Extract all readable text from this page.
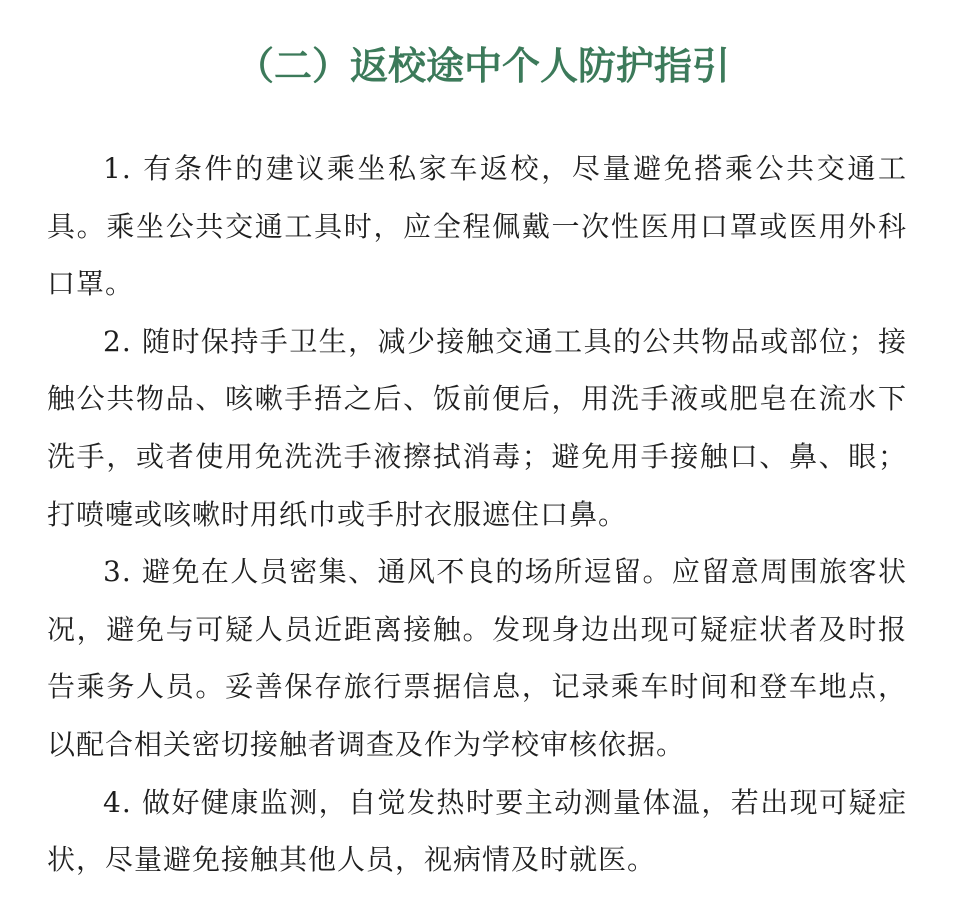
（二）返校途中个人防护指引

1. 有条件的建议乘坐私家车返校，尽量避免搭乘公共交通工具。乘坐公共交通工具时，应全程佩戴一次性医用口罩或医用外科口罩。

2. 随时保持手卫生，减少接触交通工具的公共物品或部位；接触公共物品、咳嗽手捂之后、饭前便后，用洗手液或肥皂在流水下洗手，或者使用免洗洗手液擦拭消毒；避免用手接触口、鼻、眼；打喷嚏或咳嗽时用纸巾或手肘衣服遮住口鼻。

3. 避免在人员密集、通风不良的场所逗留。应留意周围旅客状况，避免与可疑人员近距离接触。发现身边出现可疑症状者及时报告乘务人员。妥善保存旅行票据信息，记录乘车时间和登车地点，以配合相关密切接触者调查及作为学校审核依据。

4. 做好健康监测，自觉发热时要主动测量体温，若出现可疑症状，尽量避免接触其他人员，视病情及时就医。
